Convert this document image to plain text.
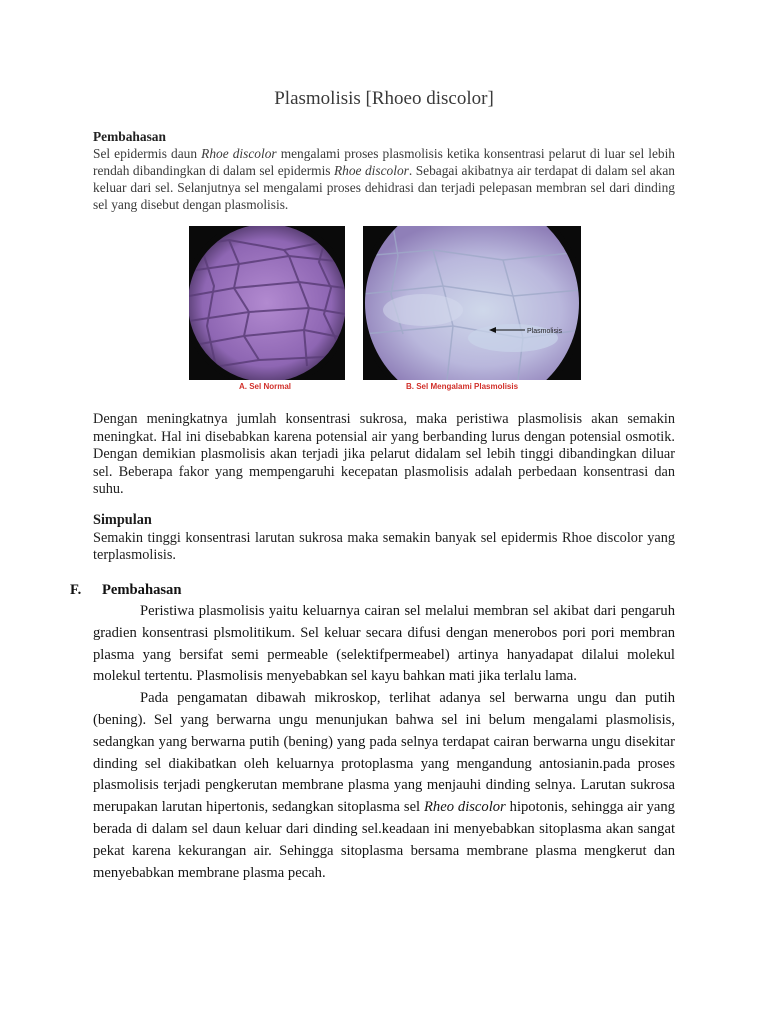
Plasmolisis [Rhoeo discolor]
Pembahasan
Sel epidermis daun Rhoe discolor mengalami proses plasmolisis ketika konsentrasi pelarut di luar sel lebih rendah dibandingkan di dalam sel epidermis Rhoe discolor. Sebagai akibatnya air terdapat di dalam sel akan keluar dari sel. Selanjutnya sel mengalami proses dehidrasi dan terjadi pelepasan membran sel dari dinding sel yang disebut dengan plasmolisis.
Plasmolisis
A. Sel Normal	B. Sel Mengalami Plasmolisis
Dengan meningkatnya jumlah konsentrasi sukrosa, maka peristiwa plasmolisis akan semakin meningkat. Hal ini disebabkan karena potensial air yang berbanding lurus dengan potensial osmotik. Dengan demikian plasmolisis akan terjadi jika pelarut didalam sel lebih tinggi dibandingkan diluar sel. Beberapa fakor yang mempengaruhi kecepatan plasmolisis adalah perbedaan konsentrasi dan suhu.
Simpulan
Semakin tinggi konsentrasi larutan sukrosa maka semakin banyak sel epidermis Rhoe discolor yang terplasmolisis.
F. Pembahasan
Peristiwa plasmolisis yaitu keluarnya cairan sel melalui membran sel akibat dari pengaruh gradien konsentrasi plsmolitikum. Sel keluar secara difusi dengan menerobos pori pori membran plasma yang bersifat semi permeable (selektifpermeabel) artinya hanyadapat dilalui molekul molekul tertentu. Plasmolisis menyebabkan sel kayu bahkan mati jika terlalu lama.
Pada pengamatan dibawah mikroskop, terlihat adanya sel berwarna ungu dan putih (bening). Sel yang berwarna ungu menunjukan bahwa sel ini belum mengalami plasmolisis, sedangkan yang berwarna putih (bening) yang pada selnya terdapat cairan berwarna ungu disekitar dinding sel diakibatkan oleh keluarnya protoplasma yang mengandung antosianin.pada proses plasmolisis terjadi pengkerutan membrane plasma yang menjauhi dinding selnya. Larutan sukrosa merupakan larutan hipertonis, sedangkan sitoplasma sel Rheo discolor hipotonis, sehingga air yang berada di dalam sel daun keluar dari dinding sel.keadaan ini menyebabkan sitoplasma akan sangat pekat karena kekurangan air. Sehingga sitoplasma bersama membrane plasma mengkerut dan menyebabkan membrane plasma pecah.
